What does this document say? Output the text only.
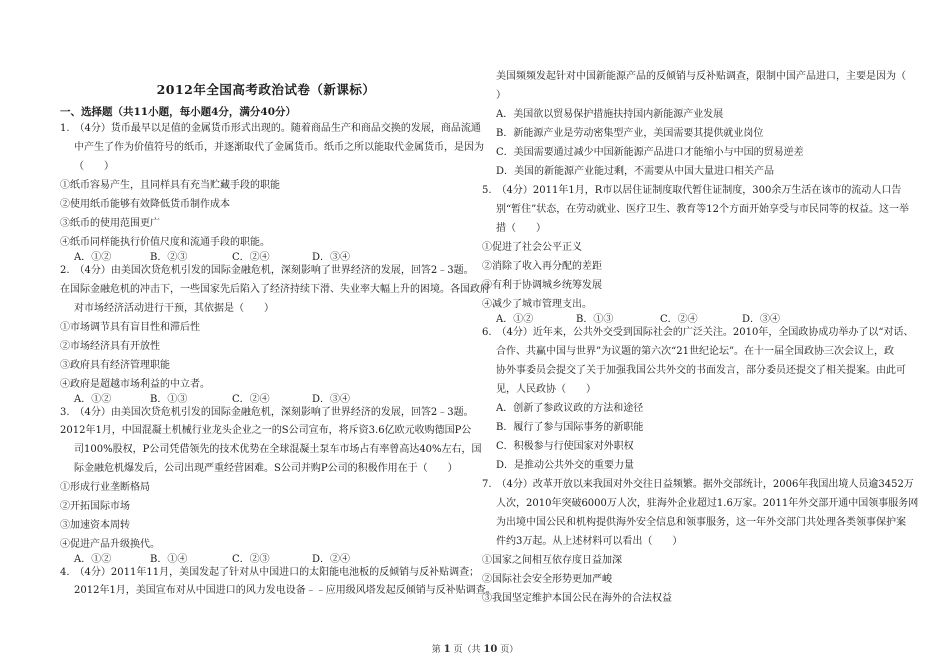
2012年全国高考政治试卷（新课标）
一、选择题（共11小题，每小题4分，满分40分）
1.　（4分）货币最早以足值的金属货币形式出现的。随着商品生产和商品交换的发展，商品流通
中产生了作为价值符号的纸币，并逐渐取代了金属货币。纸币之所以能取代金属货币，是因为
（　　）
①纸币容易产生，且同样具有充当贮藏手段的职能
②使用纸币能够有效降低货币制作成本
③纸币的使用范围更广
④纸币同样能执行价值尺度和流通手段的职能。
A．①②	B．②③	C．②④	D．③④
2.　（4分）由美国次贷危机引发的国际金融危机，深刻影响了世界经济的发展，回答2﹣3题。
在国际金融危机的冲击下，一些国家先后陷入了经济持续下滑、失业率大幅上升的困境。各国政府
对市场经济活动进行干预，其依据是（　　）
①市场调节具有盲目性和滞后性
②市场经济具有开放性
③政府具有经济管理职能
④政府是超越市场利益的中立者。
A．①②	B．①③	C．②④	D．③④
3.　（4分）由美国次贷危机引发的国际金融危机，深刻影响了世界经济的发展，回答2﹣3题。
2012年1月，中国混凝土机械行业龙头企业之一的S公司宣布，将斥资3.6亿欧元收购德国P公
司100%股权，P公司凭借领先的技术优势在全球混凝土泵车市场占有率曾高达40%左右，国
际金融危机爆发后，公司出现严重经营困难。S公司并购P公司的积极作用在于（　　）
①形成行业垄断格局
②开拓国际市场
③加速资本周转
④促进产品升级换代。
A．①②	B．①④	C．②③	D．②④
4.　（4分）2011年11月，美国发起了针对从中国进口的太阳能电池板的反倾销与反补贴调查；
2012年1月，美国宣布对从中国进口的风力发电设备﹣﹣应用级风塔发起反倾销与反补贴调查。
美国频频发起针对中国新能源产品的反倾销与反补贴调查，限制中国产品进口，主要是因为（
）
A．美国欲以贸易保护措施扶持国内新能源产业发展
B．新能源产业是劳动密集型产业，美国需要其提供就业岗位
C．美国需要通过减少中国新能源产品进口才能缩小与中国的贸易逆差
D．美国的新能源产业能过剩，不需要从中国大量进口相关产品
5.　（4分）2011年1月，R市以居住证制度取代暂住证制度，300余万生活在该市的流动人口告
别“暂住”状态，在劳动就业、医疗卫生、教育等12个方面开始享受与市民同等的权益。这一举
措（　　）
①促进了社会公平正义
②消除了收入再分配的差距
③有利于协调城乡统筹发展
④减少了城市管理支出。
A．①②	B．①③	C．②④	D．③④
6.　（4分）近年来，公共外交受到国际社会的广泛关注。2010年，全国政协成功举办了以“对话、
合作、共赢中国与世界”为议题的第六次“21世纪论坛”。在十一届全国政协三次会议上，政
协外事委员会提交了关于加强我国公共外交的书面发言，部分委员还提交了相关提案。由此可
见，人民政协（　　）
A．创新了参政议政的方法和途径
B．履行了参与国际事务的新职能
C．积极参与行使国家对外职权
D．是推动公共外交的重要力量
7.　（4分）改革开放以来我国对外交往日益频繁。据外交部统计，2006年我国出境人员逾3452万
人次，2010年突破6000万人次，驻海外企业超过1.6万家。2011年外交部开通中国领事服务网
为出境中国公民和机构提供海外安全信息和领事服务，这一年外交部门共处理各类领事保护案
件约3万起。从上述材料可以看出（　　）
①国家之间相互依存度日益加深
②国际社会安全形势更加严峻
③我国坚定维护本国公民在海外的合法权益
第 1 页（共 10 页）
